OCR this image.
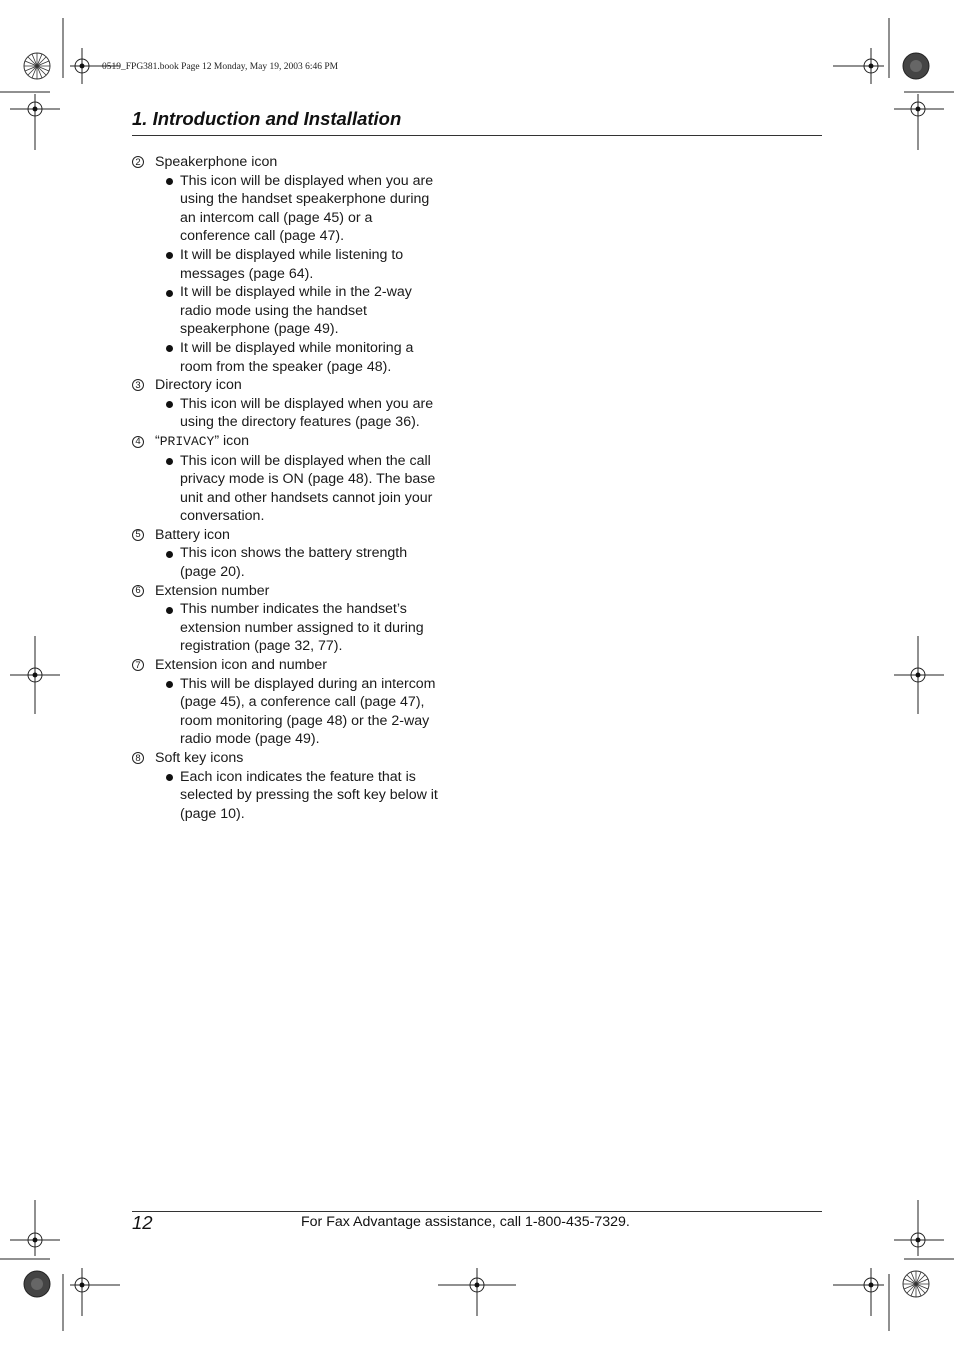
0519_FPG381.book Page 12 Monday, May 19, 2003 6:46 PM
1. Introduction and Installation
2 Speakerphone icon
This icon will be displayed when you are
using the handset speakerphone during
an intercom call (page 45) or a
conference call (page 47).
It will be displayed while listening to
messages (page 64).
It will be displayed while in the 2-way
radio mode using the handset
speakerphone (page 49).
It will be displayed while monitoring a
room from the speaker (page 48).
3 Directory icon
This icon will be displayed when you are
using the directory features (page 36).
4 “PRIVACY” icon
This icon will be displayed when the call
privacy mode is ON (page 48). The base
unit and other handsets cannot join your
conversation.
5 Battery icon
This icon shows the battery strength
(page 20).
6 Extension number
This number indicates the handset’s
extension number assigned to it during
registration (page 32, 77).
7 Extension icon and number
This will be displayed during an intercom
(page 45), a conference call (page 47),
room monitoring (page 48) or the 2-way
radio mode (page 49).
8 Soft key icons
Each icon indicates the feature that is
selected by pressing the soft key below it
(page 10).
12	For Fax Advantage assistance, call 1-800-435-7329.
